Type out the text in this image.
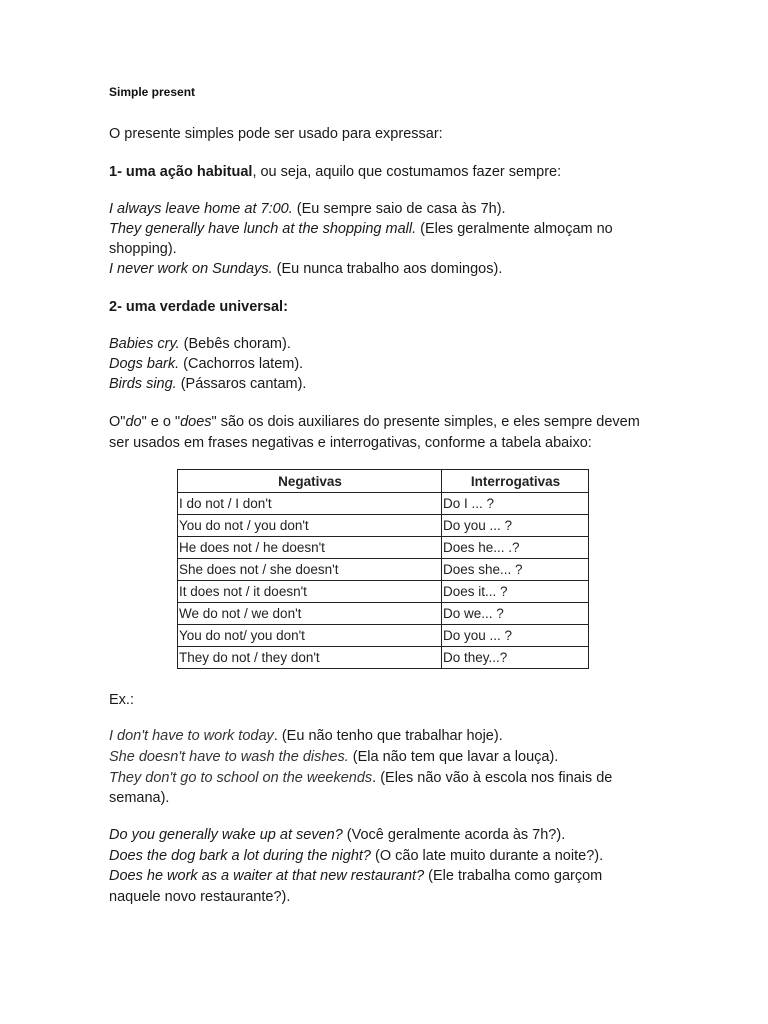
Simple present
O presente simples pode ser usado para expressar:
1- uma ação habitual, ou seja, aquilo que costumamos fazer sempre:
I always leave home at 7:00. (Eu sempre saio de casa às 7h).
They generally have lunch at the shopping mall. (Eles geralmente almoçam no
shopping).
I never work on Sundays. (Eu nunca trabalho aos domingos).
2- uma verdade universal:
Babies cry. (Bebês choram).
Dogs bark. (Cachorros latem).
Birds sing. (Pássaros cantam).
O"do" e o "does" são os dois auxiliares do presente simples, e eles sempre devem
ser usados em frases negativas e interrogativas, conforme a tabela abaixo:
Negativas	Interrogativas
I do not / I don't	Do I ... ?
You do not / you don't	Do you ... ?
He does not / he doesn't	Does he... .?
She does not / she doesn't	Does she... ?
It does not / it doesn't	Does it... ?
We do not / we don't	Do we... ?
You do not/ you don't	Do you ... ?
They do not / they don't	Do they...?
Ex.:
I don't have to work today. (Eu não tenho que trabalhar hoje).
She doesn't have to wash the dishes. (Ela não tem que lavar a louça).
They don't go to school on the weekends. (Eles não vão à escola nos finais de
semana).
Do you generally wake up at seven? (Você geralmente acorda às 7h?).
Does the dog bark a lot during the night? (O cão late muito durante a noite?).
Does he work as a waiter at that new restaurant? (Ele trabalha como garçom
naquele novo restaurante?).
